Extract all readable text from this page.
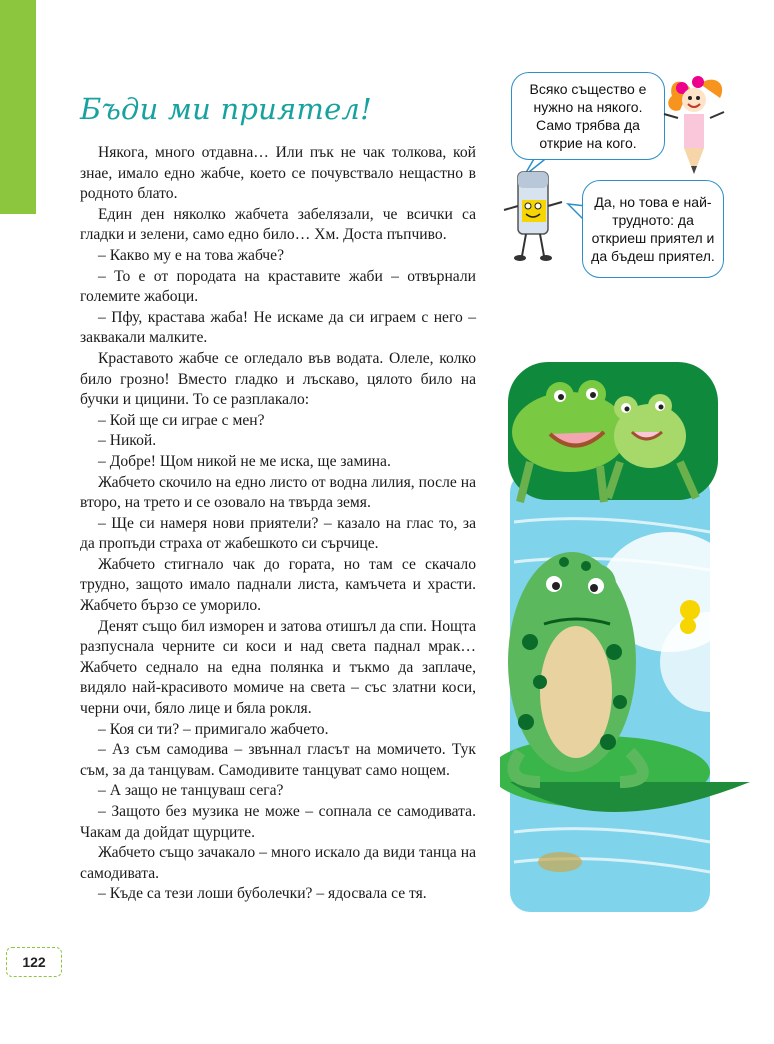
Бъди ми приятел!

Някога, много отдавна… Или пък не чак толкова, кой знае, имало едно жабче, което се почувствало нещастно в родното блато.

Един ден няколко жабчета забелязали, че всички са гладки и зелени, само едно било… Хм. Доста пъпчиво.

– Какво му е на това жабче?

– То е от породата на краставите жаби – отвърнали големите жабоци.

– Пфу, крастава жаба! Не искаме да си играем с него – заквакали малките.

Краставото жабче се огледало във водата. Олеле, колко било грозно! Вместо гладко и лъскаво, цялото било на бучки и цицини. То се разплакало:

– Кой ще си играе с мен?

– Никой.

– Добре! Щом никой не ме иска, ще замина.

Жабчето скочило на едно листо от водна лилия, после на второ, на трето и се озовало на твърда земя.

– Ще си намеря нови приятели? – казало на глас то, за да пропъди страха от жабешкото си сърчице.

Жабчето стигнало чак до гората, но там се скачало трудно, защото имало паднали листа, камъчета и храсти. Жабчето бързо се уморило.

Денят също бил изморен и затова отишъл да спи. Нощта разпуснала черните си коси и над света паднал мрак…Жабчето седнало на една полянка и тъкмо да заплаче, видяло най-красивото момиче на света – със златни коси, черни очи, бяло лице и бяла рокля.

– Коя си ти? – примигало жабчето.

– Аз съм самодива – звъннал гласът на момичето. Тук съм, за да танцувам. Самодивите танцуват само нощем.

– А защо не танцуваш сега?

– Защото без музика не може – сопнала се самодивата. Чакам да дойдат щурците.

Жабчето също зачакало – много искало да види танца на самодивата.

– Къде са тези лоши буболечки? – ядосвала се тя.

Всяко същество е нужно на някого. Само трябва да открие на кого.
Да, но това е най-трудното: да откриеш приятел и да бъдеш приятел.
122
